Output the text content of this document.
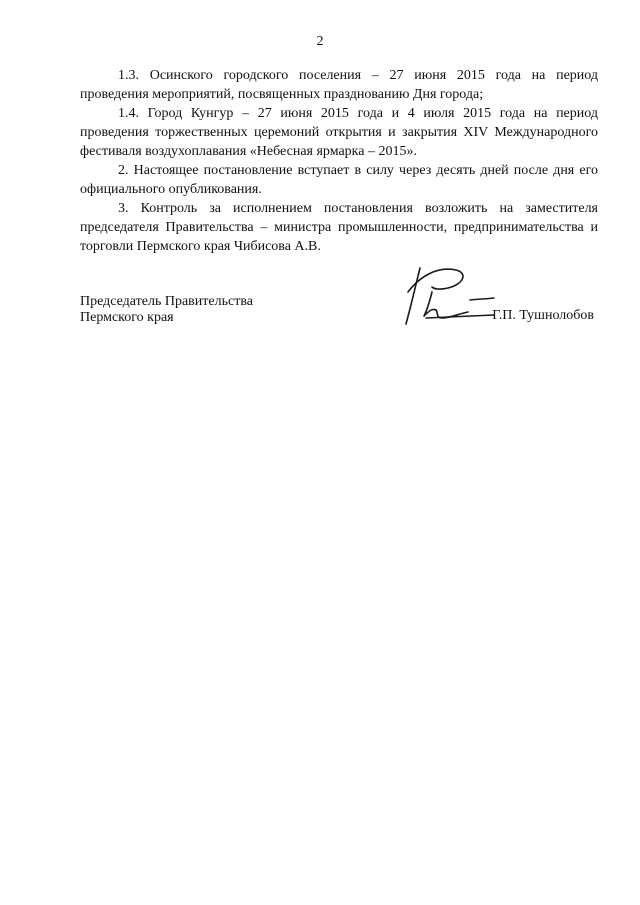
2

1.3. Осинского городского поселения – 27 июня 2015 года на период проведения мероприятий, посвященных празднованию Дня города;

1.4. Город Кунгур – 27 июня 2015 года и 4 июля 2015 года на период проведения торжественных церемоний открытия и закрытия XIV Международного фестиваля воздухоплавания «Небесная ярмарка – 2015».

2. Настоящее постановление вступает в силу через десять дней после дня его официального опубликования.

3. Контроль за исполнением постановления возложить на заместителя председателя Правительства – министра промышленности, предпринимательства и торговли Пермского края Чибисова А.В.

Председатель Правительства
Пермского края	Г.П. Тушнолобов
